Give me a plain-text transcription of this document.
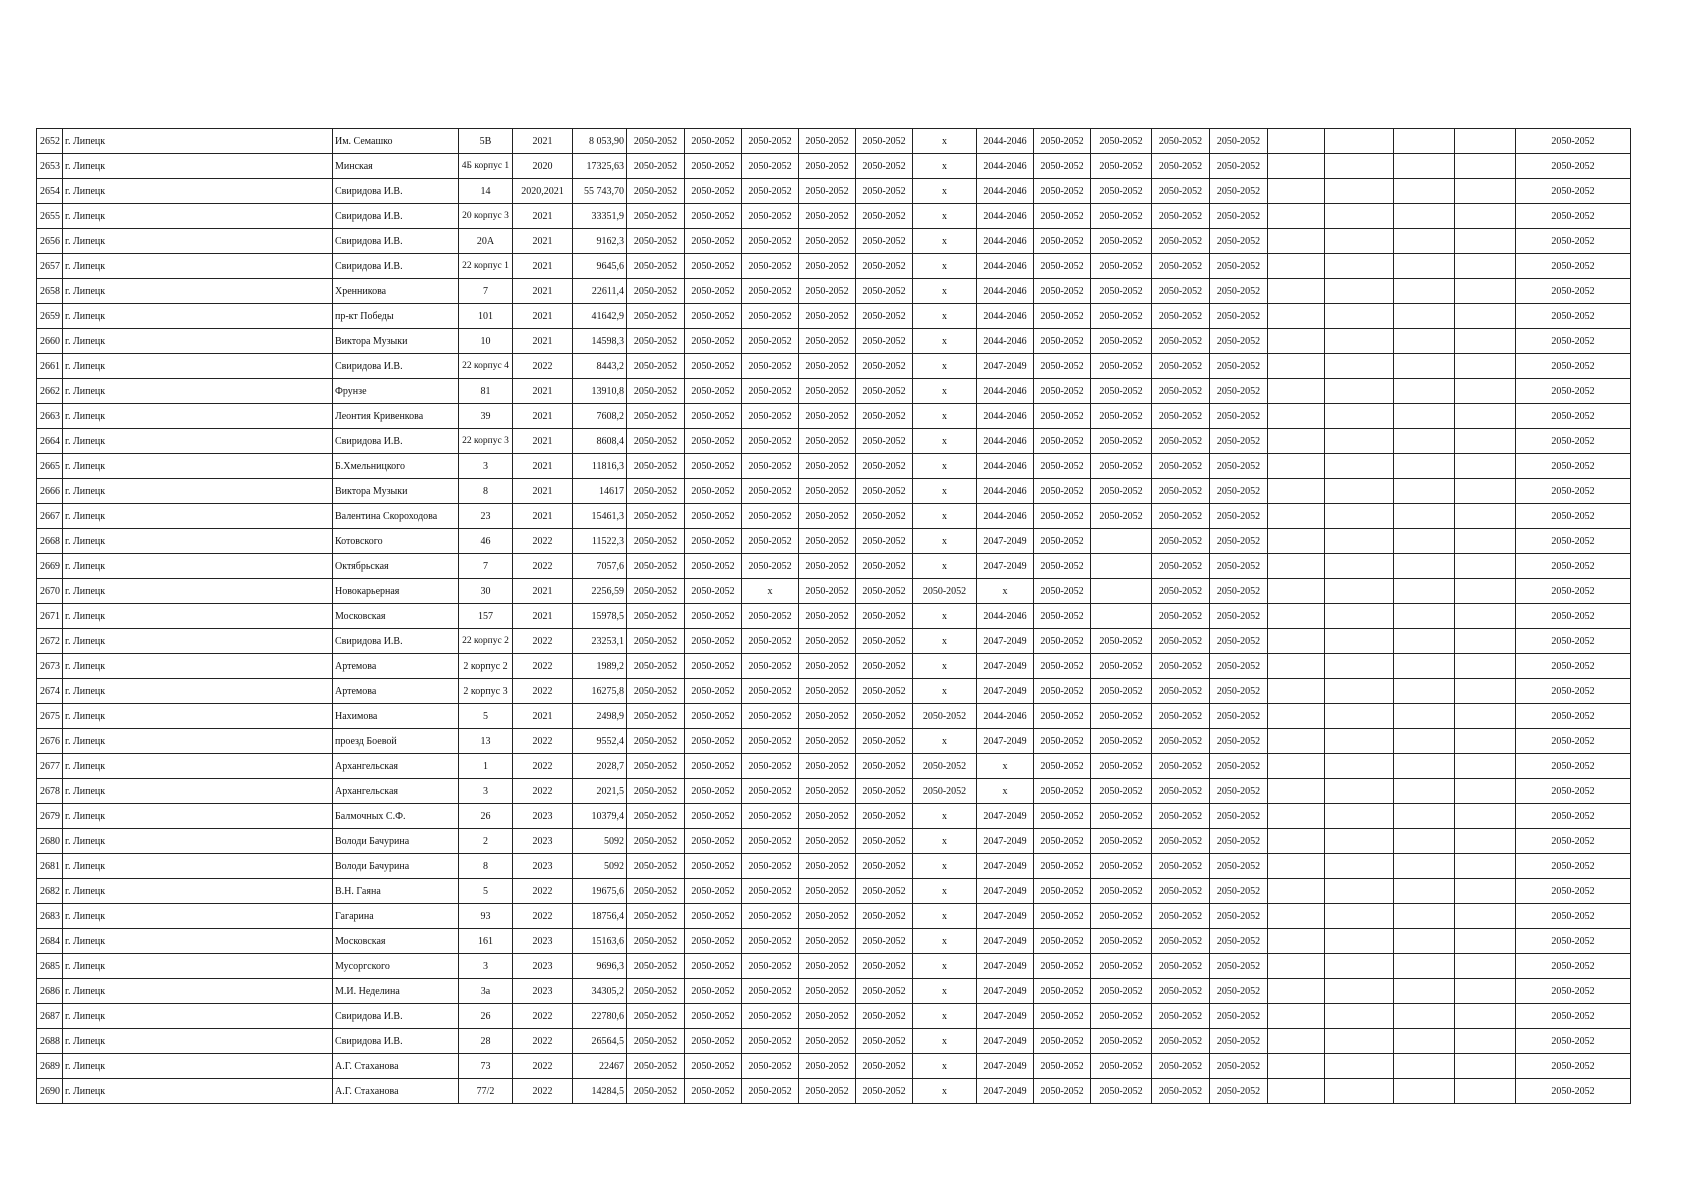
2652	г. Липецк	Им. Семашко	5В	2021	8 053,90	2050-2052	2050-2052	2050-2052	2050-2052	2050-2052	х	2044-2046	2050-2052	2050-2052	2050-2052	2050-2052					2050-2052
2653	г. Липецк	Минская	4Б корпус 1	2020	17325,63	2050-2052	2050-2052	2050-2052	2050-2052	2050-2052	х	2044-2046	2050-2052	2050-2052	2050-2052	2050-2052					2050-2052
2654	г. Липецк	Свиридова И.В.	14	2020,2021	55 743,70	2050-2052	2050-2052	2050-2052	2050-2052	2050-2052	х	2044-2046	2050-2052	2050-2052	2050-2052	2050-2052					2050-2052
2655	г. Липецк	Свиридова И.В.	20 корпус 3	2021	33351,9	2050-2052	2050-2052	2050-2052	2050-2052	2050-2052	х	2044-2046	2050-2052	2050-2052	2050-2052	2050-2052					2050-2052
2656	г. Липецк	Свиридова И.В.	20А	2021	9162,3	2050-2052	2050-2052	2050-2052	2050-2052	2050-2052	х	2044-2046	2050-2052	2050-2052	2050-2052	2050-2052					2050-2052
2657	г. Липецк	Свиридова И.В.	22 корпус 1	2021	9645,6	2050-2052	2050-2052	2050-2052	2050-2052	2050-2052	х	2044-2046	2050-2052	2050-2052	2050-2052	2050-2052					2050-2052
2658	г. Липецк	Хренникова	7	2021	22611,4	2050-2052	2050-2052	2050-2052	2050-2052	2050-2052	х	2044-2046	2050-2052	2050-2052	2050-2052	2050-2052					2050-2052
2659	г. Липецк	пр-кт Победы	101	2021	41642,9	2050-2052	2050-2052	2050-2052	2050-2052	2050-2052	х	2044-2046	2050-2052	2050-2052	2050-2052	2050-2052					2050-2052
2660	г. Липецк	Виктора Музыки	10	2021	14598,3	2050-2052	2050-2052	2050-2052	2050-2052	2050-2052	х	2044-2046	2050-2052	2050-2052	2050-2052	2050-2052					2050-2052
2661	г. Липецк	Свиридова И.В.	22 корпус 4	2022	8443,2	2050-2052	2050-2052	2050-2052	2050-2052	2050-2052	х	2047-2049	2050-2052	2050-2052	2050-2052	2050-2052					2050-2052
2662	г. Липецк	Фрунзе	81	2021	13910,8	2050-2052	2050-2052	2050-2052	2050-2052	2050-2052	х	2044-2046	2050-2052	2050-2052	2050-2052	2050-2052					2050-2052
2663	г. Липецк	Леонтия Кривенкова	39	2021	7608,2	2050-2052	2050-2052	2050-2052	2050-2052	2050-2052	х	2044-2046	2050-2052	2050-2052	2050-2052	2050-2052					2050-2052
2664	г. Липецк	Свиридова И.В.	22 корпус 3	2021	8608,4	2050-2052	2050-2052	2050-2052	2050-2052	2050-2052	х	2044-2046	2050-2052	2050-2052	2050-2052	2050-2052					2050-2052
2665	г. Липецк	Б.Хмельницкого	3	2021	11816,3	2050-2052	2050-2052	2050-2052	2050-2052	2050-2052	х	2044-2046	2050-2052	2050-2052	2050-2052	2050-2052					2050-2052
2666	г. Липецк	Виктора Музыки	8	2021	14617	2050-2052	2050-2052	2050-2052	2050-2052	2050-2052	х	2044-2046	2050-2052	2050-2052	2050-2052	2050-2052					2050-2052
2667	г. Липецк	Валентина Скороходова	23	2021	15461,3	2050-2052	2050-2052	2050-2052	2050-2052	2050-2052	х	2044-2046	2050-2052	2050-2052	2050-2052	2050-2052					2050-2052
2668	г. Липецк	Котовского	46	2022	11522,3	2050-2052	2050-2052	2050-2052	2050-2052	2050-2052	х	2047-2049	2050-2052		2050-2052	2050-2052					2050-2052
2669	г. Липецк	Октябрьская	7	2022	7057,6	2050-2052	2050-2052	2050-2052	2050-2052	2050-2052	х	2047-2049	2050-2052		2050-2052	2050-2052					2050-2052
2670	г. Липецк	Новокарьерная	30	2021	2256,59	2050-2052	2050-2052	х	2050-2052	2050-2052	2050-2052	х	2050-2052		2050-2052	2050-2052					2050-2052
2671	г. Липецк	Московская	157	2021	15978,5	2050-2052	2050-2052	2050-2052	2050-2052	2050-2052	х	2044-2046	2050-2052		2050-2052	2050-2052					2050-2052
2672	г. Липецк	Свиридова И.В.	22 корпус 2	2022	23253,1	2050-2052	2050-2052	2050-2052	2050-2052	2050-2052	х	2047-2049	2050-2052	2050-2052	2050-2052	2050-2052					2050-2052
2673	г. Липецк	Артемова	2 корпус 2	2022	1989,2	2050-2052	2050-2052	2050-2052	2050-2052	2050-2052	х	2047-2049	2050-2052	2050-2052	2050-2052	2050-2052					2050-2052
2674	г. Липецк	Артемова	2 корпус 3	2022	16275,8	2050-2052	2050-2052	2050-2052	2050-2052	2050-2052	х	2047-2049	2050-2052	2050-2052	2050-2052	2050-2052					2050-2052
2675	г. Липецк	Нахимова	5	2021	2498,9	2050-2052	2050-2052	2050-2052	2050-2052	2050-2052	2050-2052	2044-2046	2050-2052	2050-2052	2050-2052	2050-2052					2050-2052
2676	г. Липецк	проезд Боевой	13	2022	9552,4	2050-2052	2050-2052	2050-2052	2050-2052	2050-2052	х	2047-2049	2050-2052	2050-2052	2050-2052	2050-2052					2050-2052
2677	г. Липецк	Архангельская	1	2022	2028,7	2050-2052	2050-2052	2050-2052	2050-2052	2050-2052	2050-2052	х	2050-2052	2050-2052	2050-2052	2050-2052					2050-2052
2678	г. Липецк	Архангельская	3	2022	2021,5	2050-2052	2050-2052	2050-2052	2050-2052	2050-2052	2050-2052	х	2050-2052	2050-2052	2050-2052	2050-2052					2050-2052
2679	г. Липецк	Балмочных С.Ф.	26	2023	10379,4	2050-2052	2050-2052	2050-2052	2050-2052	2050-2052	х	2047-2049	2050-2052	2050-2052	2050-2052	2050-2052					2050-2052
2680	г. Липецк	Володи Бачурина	2	2023	5092	2050-2052	2050-2052	2050-2052	2050-2052	2050-2052	х	2047-2049	2050-2052	2050-2052	2050-2052	2050-2052					2050-2052
2681	г. Липецк	Володи Бачурина	8	2023	5092	2050-2052	2050-2052	2050-2052	2050-2052	2050-2052	х	2047-2049	2050-2052	2050-2052	2050-2052	2050-2052					2050-2052
2682	г. Липецк	В.Н. Гаяна	5	2022	19675,6	2050-2052	2050-2052	2050-2052	2050-2052	2050-2052	х	2047-2049	2050-2052	2050-2052	2050-2052	2050-2052					2050-2052
2683	г. Липецк	Гагарина	93	2022	18756,4	2050-2052	2050-2052	2050-2052	2050-2052	2050-2052	х	2047-2049	2050-2052	2050-2052	2050-2052	2050-2052					2050-2052
2684	г. Липецк	Московская	161	2023	15163,6	2050-2052	2050-2052	2050-2052	2050-2052	2050-2052	х	2047-2049	2050-2052	2050-2052	2050-2052	2050-2052					2050-2052
2685	г. Липецк	Мусоргского	3	2023	9696,3	2050-2052	2050-2052	2050-2052	2050-2052	2050-2052	х	2047-2049	2050-2052	2050-2052	2050-2052	2050-2052					2050-2052
2686	г. Липецк	М.И. Неделина	3а	2023	34305,2	2050-2052	2050-2052	2050-2052	2050-2052	2050-2052	х	2047-2049	2050-2052	2050-2052	2050-2052	2050-2052					2050-2052
2687	г. Липецк	Свиридова И.В.	26	2022	22780,6	2050-2052	2050-2052	2050-2052	2050-2052	2050-2052	х	2047-2049	2050-2052	2050-2052	2050-2052	2050-2052					2050-2052
2688	г. Липецк	Свиридова И.В.	28	2022	26564,5	2050-2052	2050-2052	2050-2052	2050-2052	2050-2052	х	2047-2049	2050-2052	2050-2052	2050-2052	2050-2052					2050-2052
2689	г. Липецк	А.Г. Стаханова	73	2022	22467	2050-2052	2050-2052	2050-2052	2050-2052	2050-2052	х	2047-2049	2050-2052	2050-2052	2050-2052	2050-2052					2050-2052
2690	г. Липецк	А.Г. Стаханова	77/2	2022	14284,5	2050-2052	2050-2052	2050-2052	2050-2052	2050-2052	х	2047-2049	2050-2052	2050-2052	2050-2052	2050-2052					2050-2052
